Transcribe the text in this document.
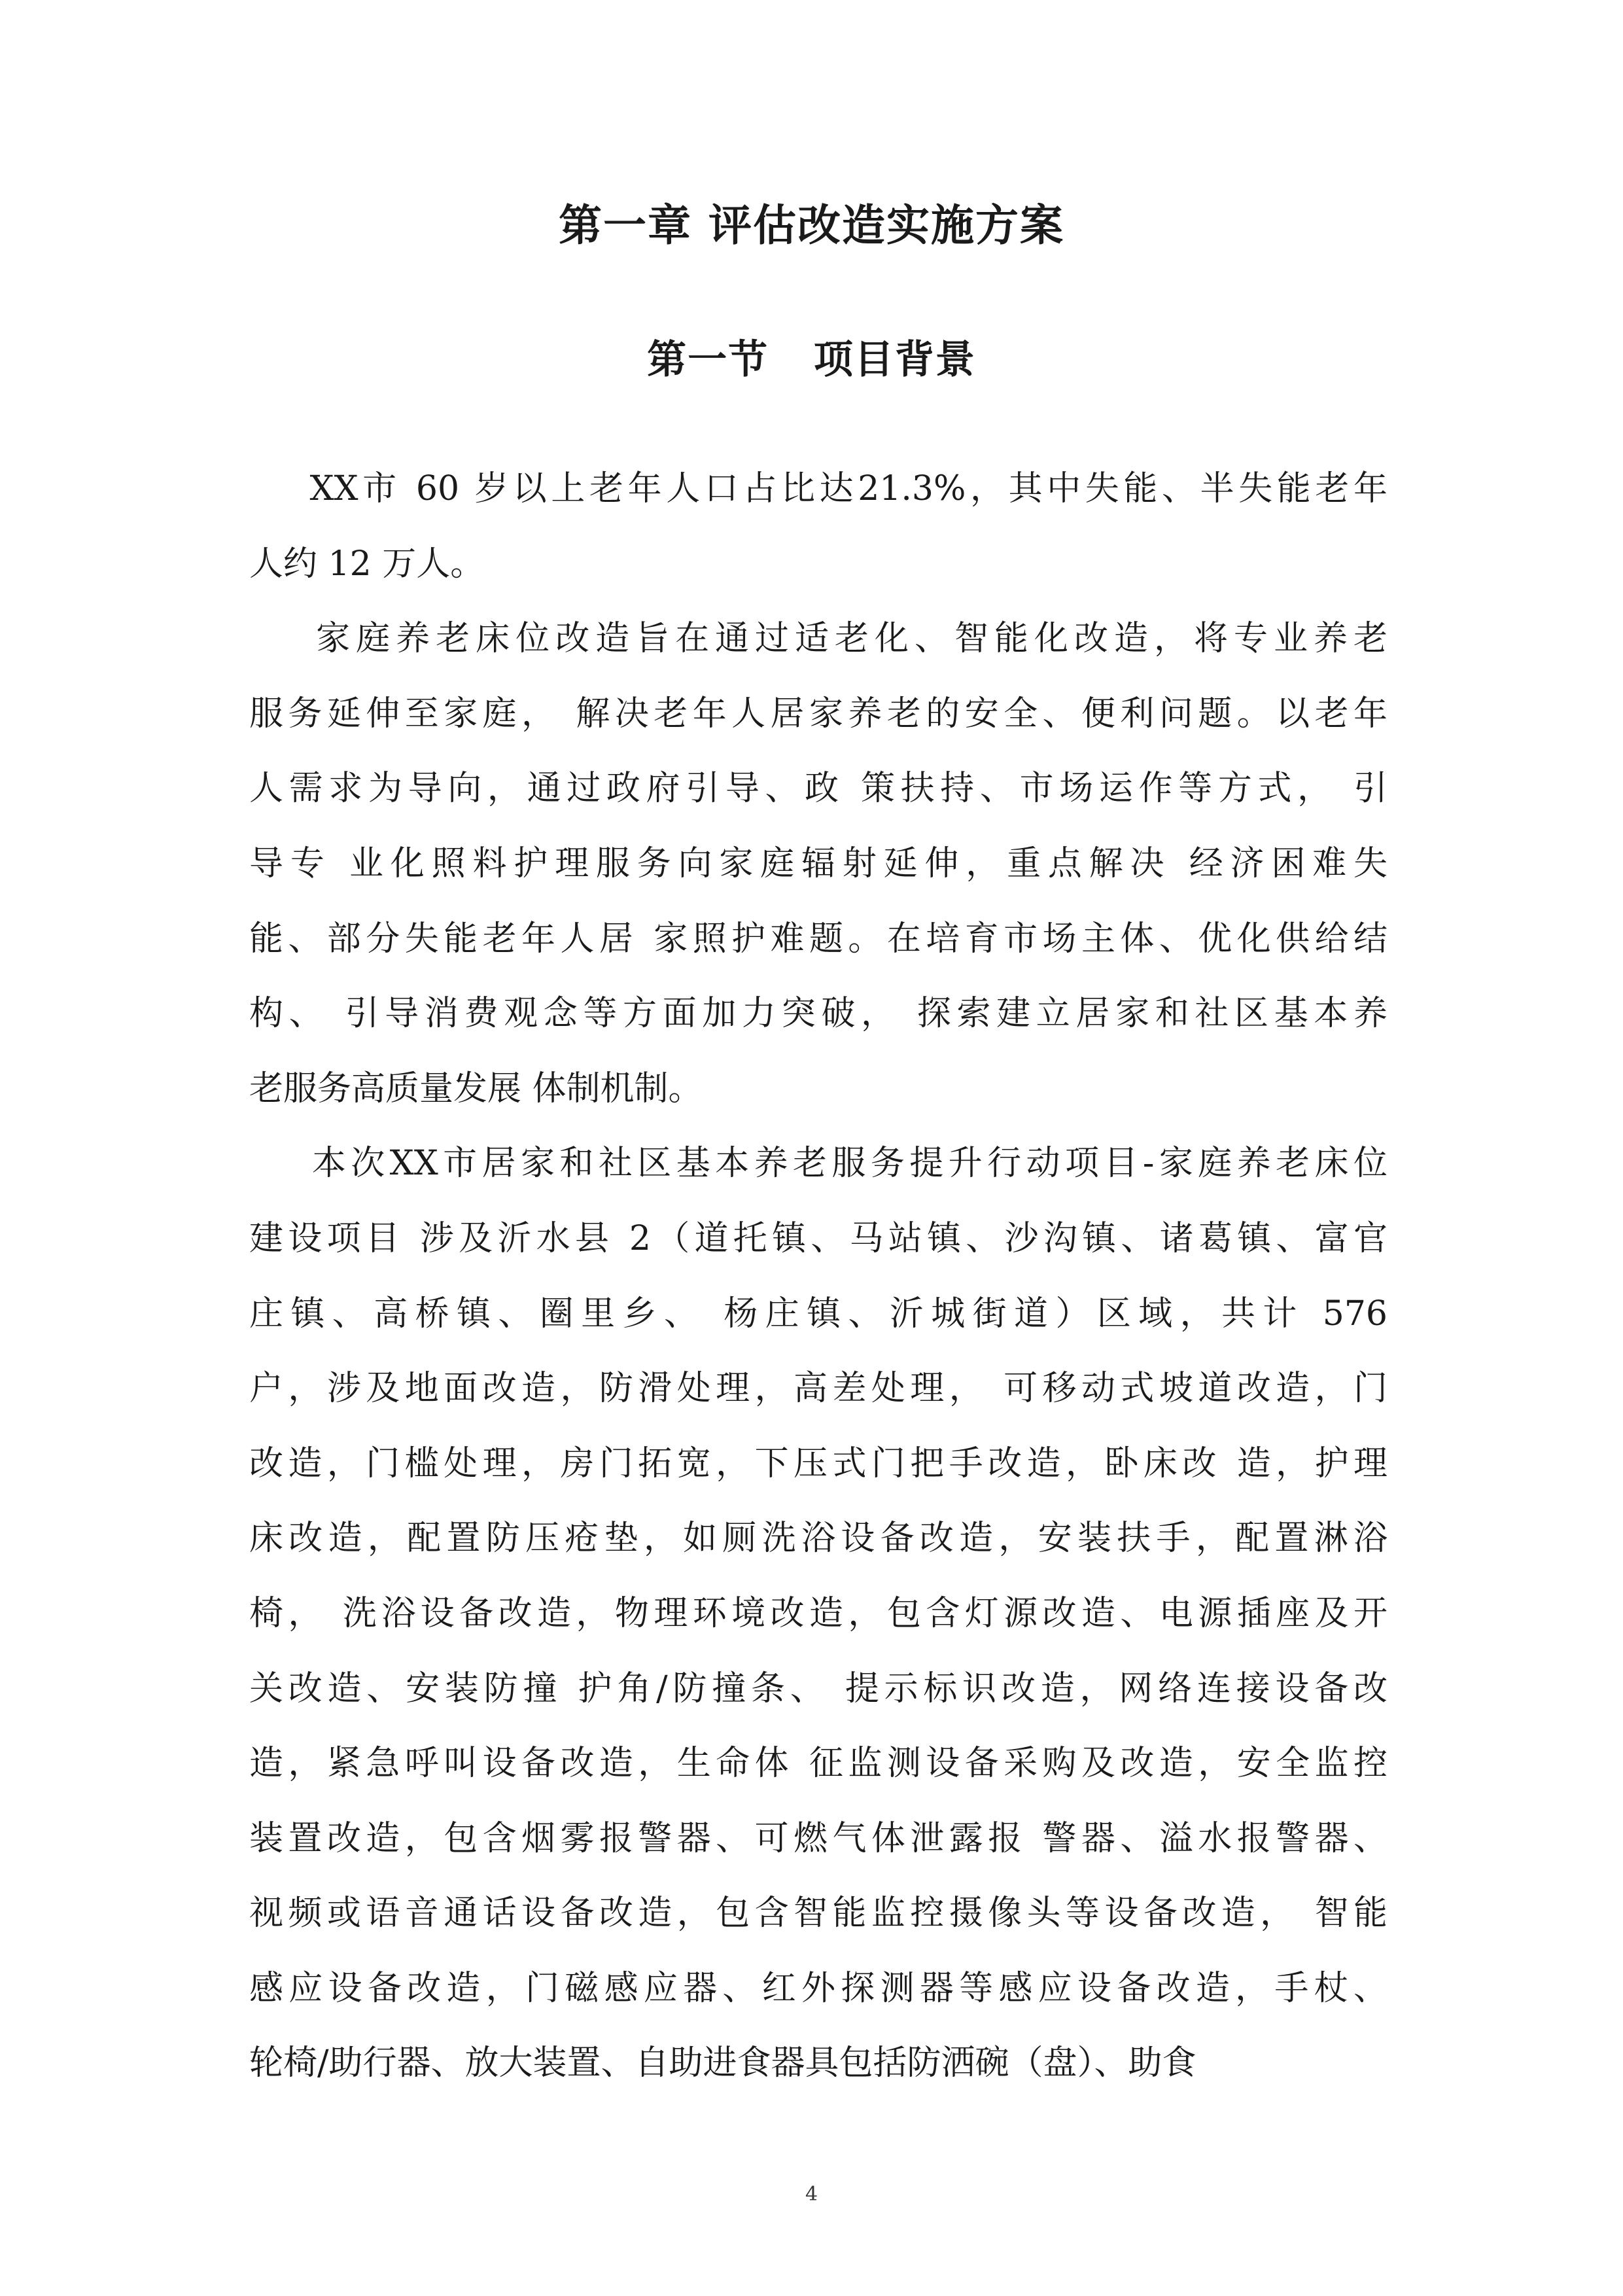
第一章 评估改造实施方案
第一节   项目背景
XX市 60 岁以上老年人口占比达21.3%，其中失能、半失能老年
人约 12 万人。
家庭养老床位改造旨在通过适老化、智能化改造，将专业养老
服务延伸至家庭， 解决老年人居家养老的安全、便利问题。以老年
人需求为导向，通过政府引导、政 策扶持、市场运作等方式， 引
导专 业化照料护理服务向家庭辐射延伸，重点解决 经济困难失
能、部分失能老年人居 家照护难题。在培育市场主体、优化供给结
构、 引导消费观念等方面加力突破， 探索建立居家和社区基本养
老服务高质量发展 体制机制。
本次XX市居家和社区基本养老服务提升行动项目-家庭养老床位
建设项目 涉及沂水县 2（道托镇、马站镇、沙沟镇、诸葛镇、富官
庄镇、高桥镇、圈里乡、 杨庄镇、沂城街道）区域，共计 576
户，涉及地面改造，防滑处理，高差处理， 可移动式坡道改造，门
改造，门槛处理，房门拓宽，下压式门把手改造，卧床改 造，护理
床改造，配置防压疮垫，如厕洗浴设备改造，安装扶手，配置淋浴
椅， 洗浴设备改造，物理环境改造，包含灯源改造、电源插座及开
关改造、安装防撞 护角/防撞条、 提示标识改造，网络连接设备改
造，紧急呼叫设备改造，生命体 征监测设备采购及改造，安全监控
装置改造，包含烟雾报警器、可燃气体泄露报 警器、溢水报警器、
视频或语音通话设备改造，包含智能监控摄像头等设备改造， 智能
感应设备改造，门磁感应器、红外探测器等感应设备改造，手杖、
轮椅/助行器、放大装置、自助进食器具包括防洒碗（盘）、助食
4
